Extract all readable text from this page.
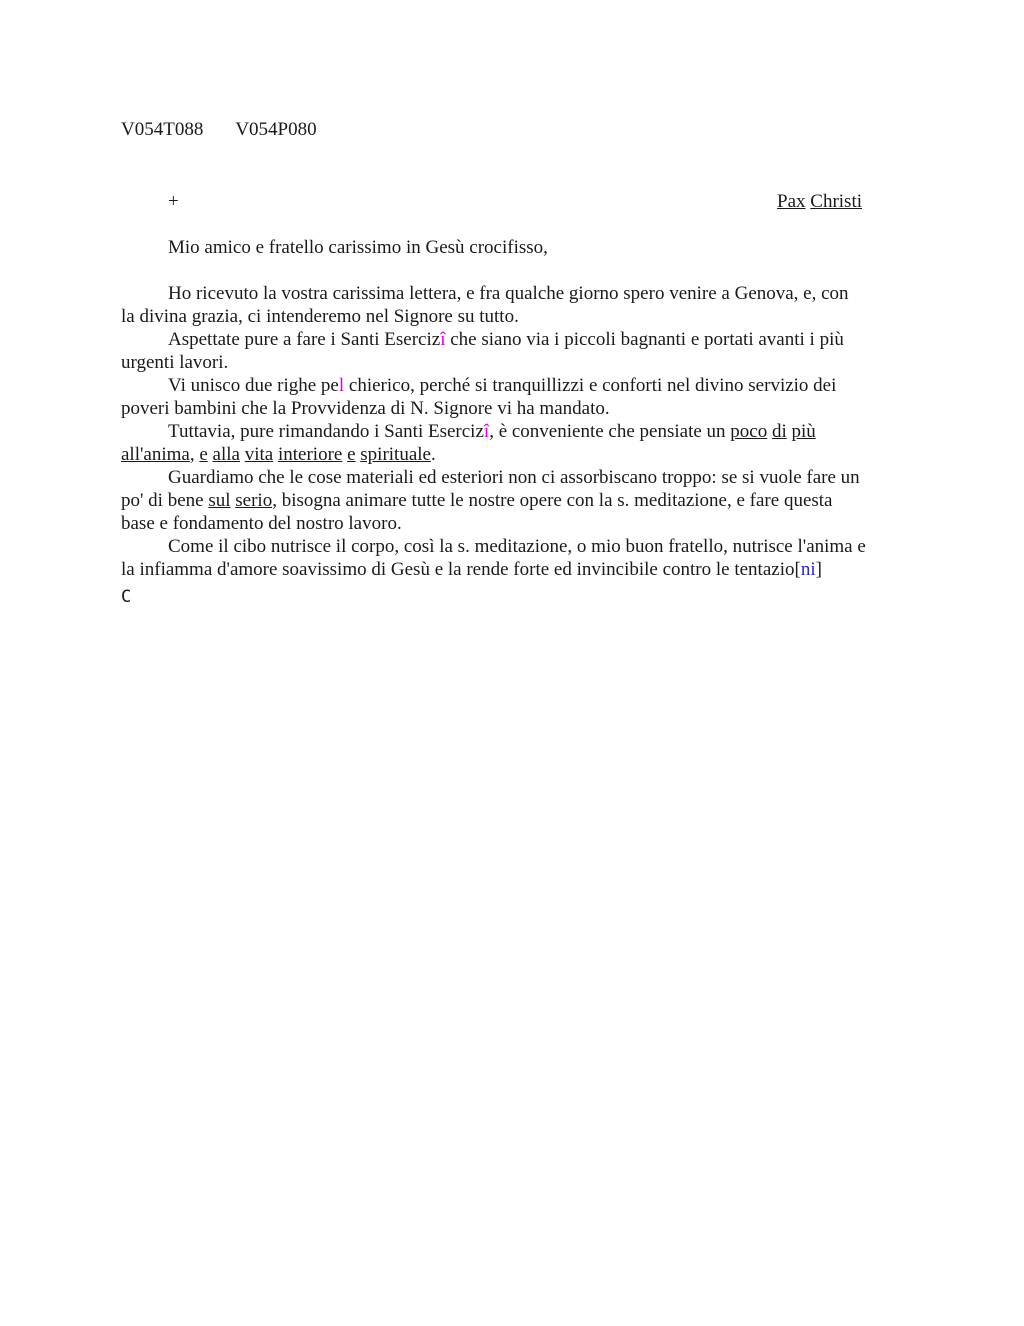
V054T088 V054P080
+	Pax Christi
Mio amico e fratello carissimo in Gesù crocifisso,

Ho ricevuto la vostra carissima lettera, e fra qualche giorno spero venire a Genova, e, con la divina grazia, ci intenderemo nel Signore su tutto.

Aspettate pure a fare i Santi Esercizî che siano via i piccoli bagnanti e portati avanti i più urgenti lavori.

Vi unisco due righe pel chierico, perché si tranquillizzi e conforti nel divino servizio dei poveri bambini che la Provvidenza di N. Signore vi ha mandato.

Tuttavia, pure rimandando i Santi Esercizî, è conveniente che pensiate un poco di più all'anima, e alla vita interiore e spirituale.

Guardiamo che le cose materiali ed esteriori non ci assorbiscano troppo: se si vuole fare un po' di bene sul serio, bisogna animare tutte le nostre opere con la s. meditazione, e fare questa base e fondamento del nostro lavoro.

Come il cibo nutrisce il corpo, così la s. meditazione, o mio buon fratello, nutrisce l'anima e la infiamma d'amore soavissimo di Gesù e la rende forte ed invincibile contro le tentazio[ni]

C
